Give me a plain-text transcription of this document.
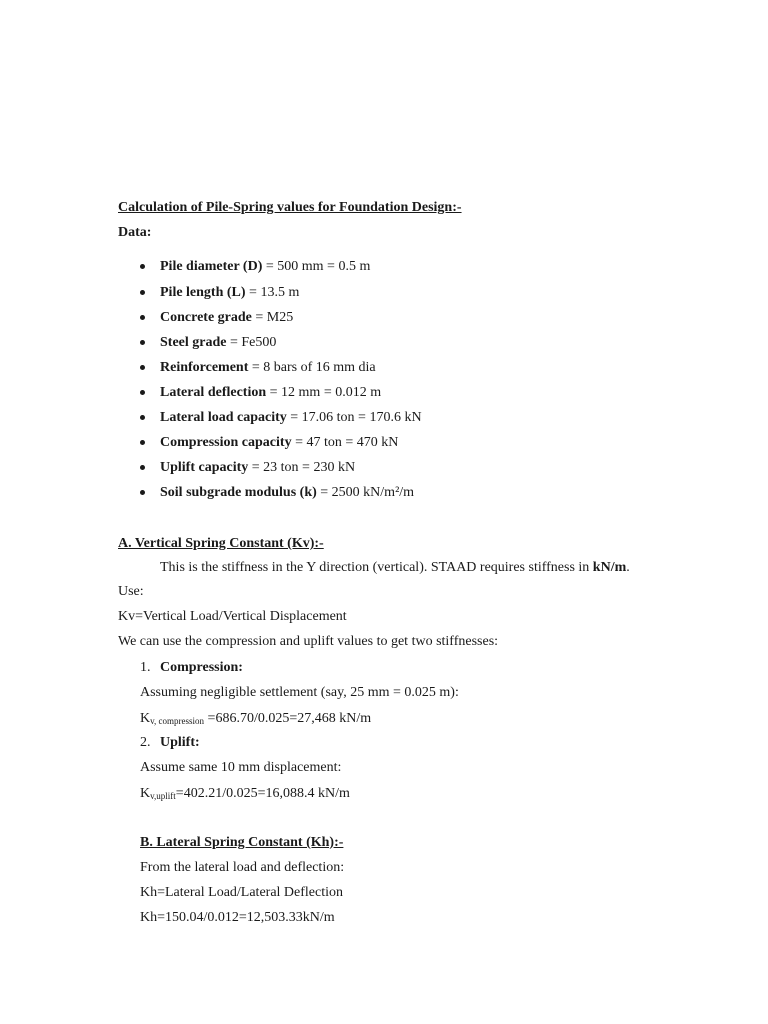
Calculation of Pile-Spring values for Foundation Design:-
Data:
Pile diameter (D) = 500 mm = 0.5 m
Pile length (L) = 13.5 m
Concrete grade = M25
Steel grade = Fe500
Reinforcement = 8 bars of 16 mm dia
Lateral deflection = 12 mm = 0.012 m
Lateral load capacity = 17.06 ton = 170.6 kN
Compression capacity = 47 ton = 470 kN
Uplift capacity = 23 ton = 230 kN
Soil subgrade modulus (k) = 2500 kN/m²/m
A. Vertical Spring Constant (Kv):-
This is the stiffness in the Y direction (vertical). STAAD requires stiffness in kN/m.
Use:
Kv=Vertical Load/Vertical Displacement
We can use the compression and uplift values to get two stiffnesses:
1. Compression:
Assuming negligible settlement (say, 25 mm = 0.025 m):
$K_{v, compression} =686.70/0.025=27,468$ kN/m
2. Uplift:
Assume same 10 mm displacement:
$K_{v,uplift}=402.21/0.025=16,088.4$ kN/m
B. Lateral Spring Constant (Kh):-
From the lateral load and deflection:
Kh=Lateral Load/Lateral Deflection
Kh=150.04/0.012=12,503.33kN/m
